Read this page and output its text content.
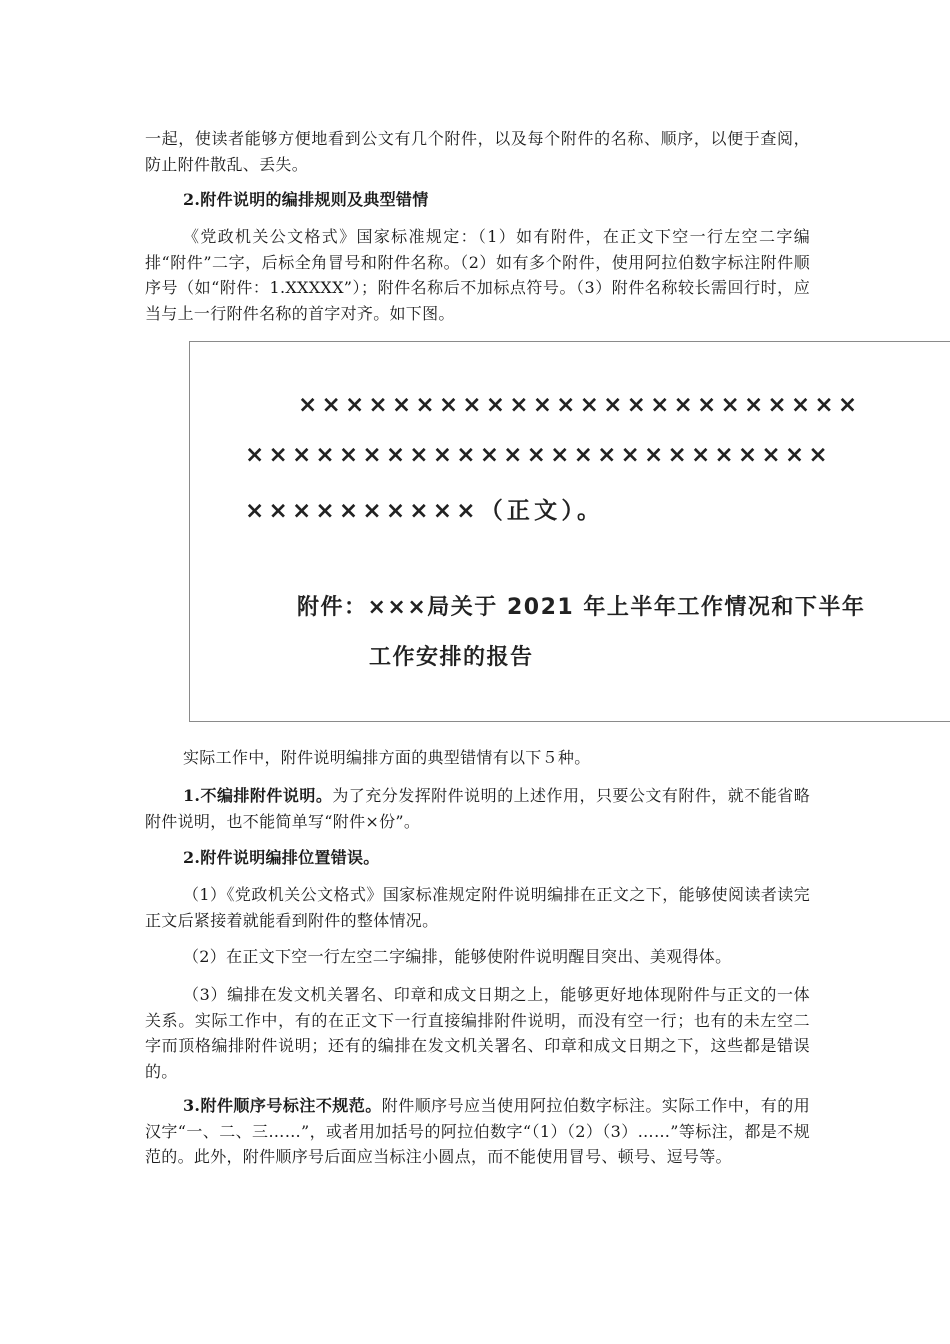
一起，使读者能够方便地看到公文有几个附件，以及每个附件的名称、顺序，以便于查阅，防止附件散乱、丢失。

2.附件说明的编排规则及典型错情

《党政机关公文格式》国家标准规定：（1）如有附件，在正文下空一行左空二字编排“附件”二字，后标全角冒号和附件名称。（2）如有多个附件，使用阿拉伯数字标注附件顺序号（如“附件：1.XXXXX”）；附件名称后不加标点符号。（3）附件名称较长需回行时，应当与上一行附件名称的首字对齐。如下图。

××××××××××××××××××××××××
×××××××××××××××××××××××××
××××××××××（正文）。
附件：×××局关于 2021 年上半年工作情况和下半年
工作安排的报告

实际工作中，附件说明编排方面的典型错情有以下５种。

1.不编排附件说明。为了充分发挥附件说明的上述作用，只要公文有附件，就不能省略附件说明，也不能简单写“附件×份”。

2.附件说明编排位置错误。

（1）《党政机关公文格式》国家标准规定附件说明编排在正文之下，能够使阅读者读完正文后紧接着就能看到附件的整体情况。

（2）在正文下空一行左空二字编排，能够使附件说明醒目突出、美观得体。

（3）编排在发文机关署名、印章和成文日期之上，能够更好地体现附件与正文的一体关系。实际工作中，有的在正文下一行直接编排附件说明，而没有空一行；也有的未左空二字而顶格编排附件说明；还有的编排在发文机关署名、印章和成文日期之下，这些都是错误的。

3.附件顺序号标注不规范。附件顺序号应当使用阿拉伯数字标注。实际工作中，有的用汉字“一、二、三……”，或者用加括号的阿拉伯数字“（1）（2）（3）……”等标注，都是不规范的。此外，附件顺序号后面应当标注小圆点，而不能使用冒号、顿号、逗号等。
